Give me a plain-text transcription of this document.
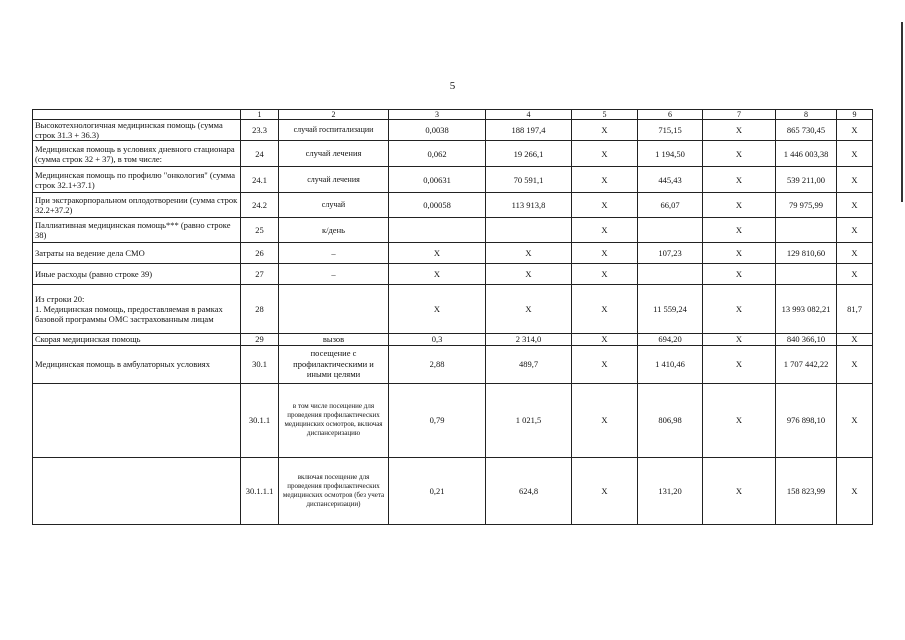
5
	1	2	3	4	5	6	7	8	9
Высокотехнологичная медицинская помощь (сумма строк 31.3 + 36.3)	23.3	случай госпитализации	0,0038	188 197,4	X	715,15	X	865 730,45	X
Медицинская помощь в условиях дневного стационара (сумма строк 32 + 37), в том числе:	24	случай лечения	0,062	19 266,1	X	1 194,50	X	1 446 003,38	X
Медицинская помощь по профилю "онкология" (сумма строк 32.1+37.1)	24.1	случай лечения	0,00631	70 591,1	X	445,43	X	539 211,00	X
При экстракорпоральном оплодотворении (сумма строк 32.2+37.2)	24.2	случай	0,00058	113 913,8	X	66,07	X	79 975,99	X
Паллиативная медицинская помощь*** (равно строке 38)	25	к/день			X		X		X
Затраты на ведение дела СМО	26	–	X	X	X	107,23	X	129 810,60	X
Иные расходы (равно строке 39)	27	–	X	X	X		X		X
Из строки 20:
1. Медицинская помощь, предоставляемая в рамках базовой программы ОМС застрахованным лицам	28		X	X	X	11 559,24	X	13 993 082,21	81,7
Скорая медицинская помощь	29	вызов	0,3	2 314,0	X	694,20	X	840 366,10	X
Медицинская помощь в амбулаторных условиях	30.1	посещение с профилактическими и иными целями	2,88	489,7	X	1 410,46	X	1 707 442,22	X
	30.1.1	в том числе посещение для проведения профилактических медицинских осмотров, включая диспансеризацию	0,79	1 021,5	X	806,98	X	976 898,10	X
	30.1.1.1	включая посещение для проведения профилактических медицинских осмотров (без учета диспансеризации)	0,21	624,8	X	131,20	X	158 823,99	X
